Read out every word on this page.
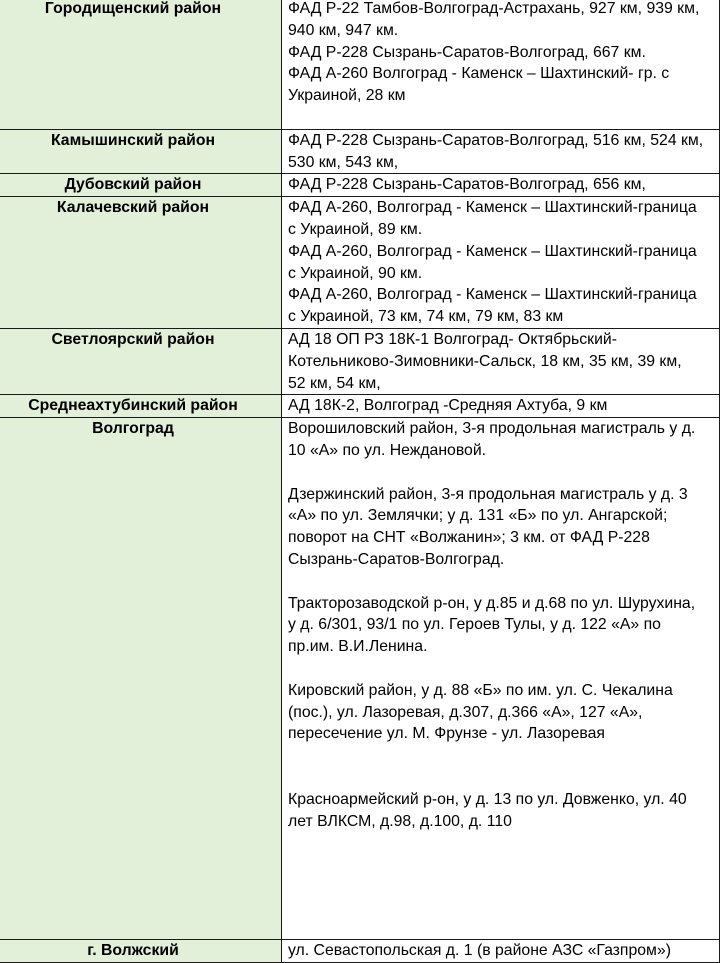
Городищенский район	ФАД Р-22 Тамбов-Волгоград-Астрахань, 927 км, 939 км,
940 км, 947 км.
ФАД Р-228 Сызрань-Саратов-Волгоград, 667 км.
ФАД А-260 Волгоград - Каменск – Шахтинский- гр. с
Украиной, 28 км
Камышинский район	ФАД Р-228 Сызрань-Саратов-Волгоград, 516 км, 524 км,
530 км, 543 км,
Дубовский район	ФАД Р-228 Сызрань-Саратов-Волгоград, 656 км,
Калачевский район	ФАД А-260, Волгоград - Каменск – Шахтинский-граница
с Украиной, 89 км.
ФАД А-260, Волгоград - Каменск – Шахтинский-граница
с Украиной, 90 км.
ФАД А-260, Волгоград - Каменск – Шахтинский-граница
с Украиной, 73 км, 74 км, 79 км, 83 км
Светлоярский район	АД 18 ОП РЗ 18К-1 Волгоград- Октябрьский-
Котельниково-Зимовники-Сальск, 18 км, 35 км, 39 км,
52 км, 54 км,
Среднеахтубинский район	АД 18К-2, Волгоград -Средняя Ахтуба, 9 км
Волгоград	Ворошиловский район, 3-я продольная магистраль у д.
10 «А» по ул. Неждановой.
Дзержинский район, 3-я продольная магистраль у д. 3
«А» по ул. Землячки; у д. 131 «Б» по ул. Ангарской;
поворот на СНТ «Волжанин»; 3 км. от ФАД Р-228
Сызрань-Саратов-Волгоград.
Тракторозаводской р-он, у д.85 и д.68 по ул. Шурухина,
у д. 6/301, 93/1 по ул. Героев Тулы, у д. 122 «А» по
пр.им. В.И.Ленина.
Кировский район, у д. 88 «Б» по им. ул. С. Чекалина
(пос.), ул. Лазоревая, д.307, д.366 «А», 127 «А»,
пересечение ул. М. Фрунзе - ул. Лазоревая
Красноармейский р-он, у д. 13 по ул. Довженко, ул. 40
лет ВЛКСМ, д.98, д.100, д. 110
г. Волжский	ул. Севастопольская д. 1 (в районе АЗС «Газпром»)
